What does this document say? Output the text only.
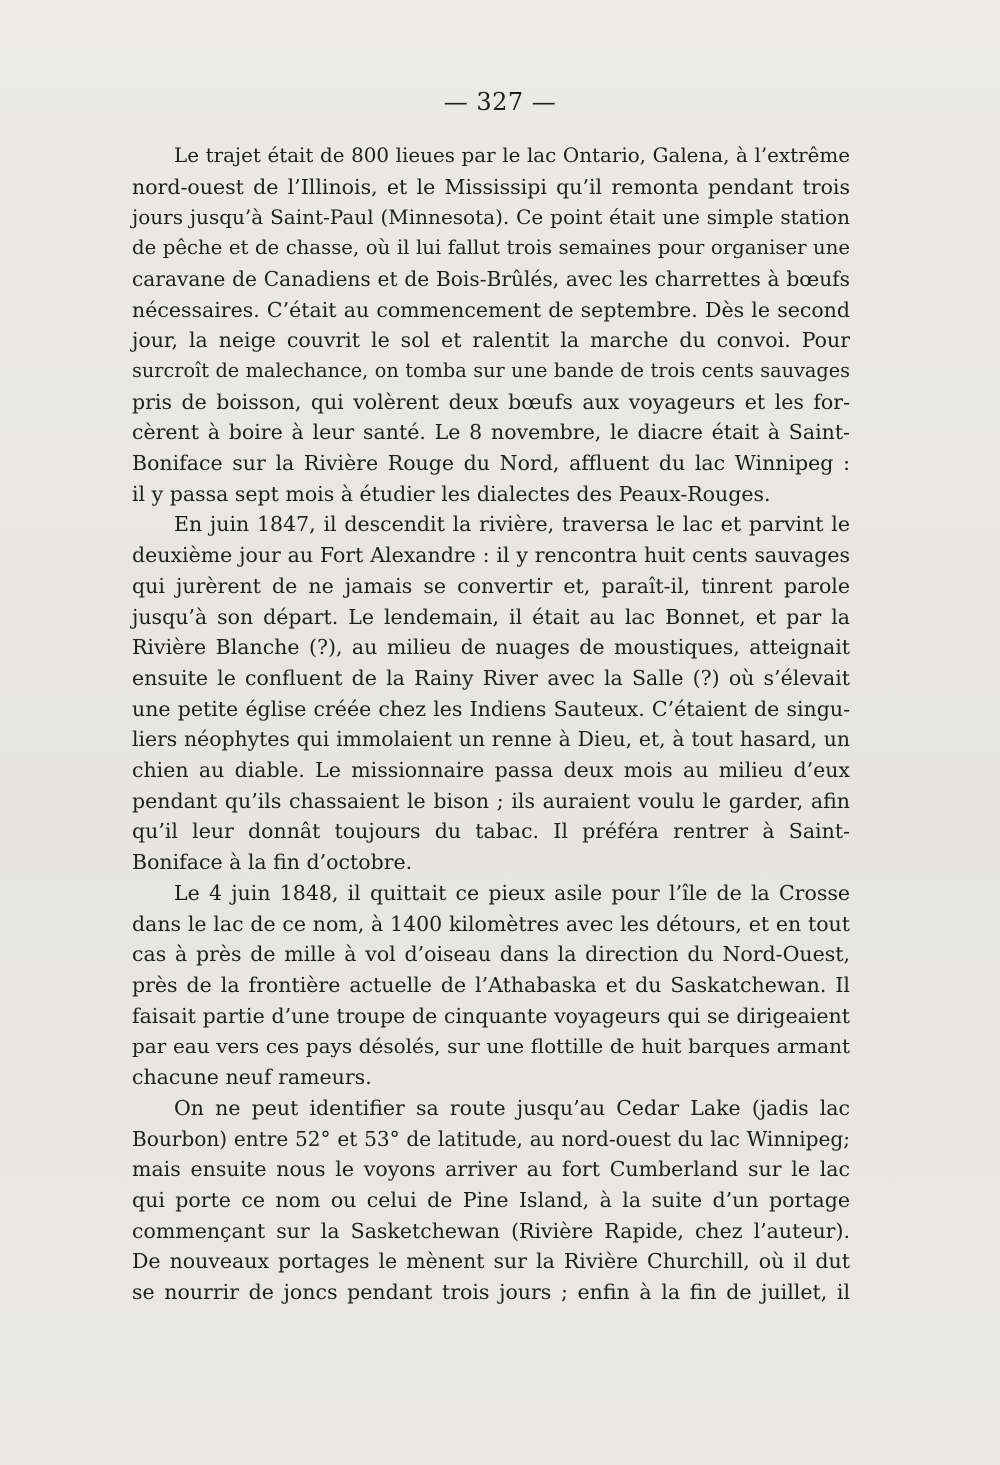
— 327 —

Le trajet était de 800 lieues par le lac Ontario, Galena, à l’extrême
nord-ouest de l’Illinois, et le Mississipi qu’il remonta pendant trois
jours jusqu’à Saint-Paul (Minnesota). Ce point était une simple station
de pêche et de chasse, où il lui fallut trois semaines pour organiser une
caravane de Canadiens et de Bois-Brûlés, avec les charrettes à bœufs
nécessaires. C’était au commencement de septembre. Dès le second
jour, la neige couvrit le sol et ralentit la marche du convoi. Pour
surcroît de malechance, on tomba sur une bande de trois cents sauvages
pris de boisson, qui volèrent deux bœufs aux voyageurs et les for-
cèrent à boire à leur santé. Le 8 novembre, le diacre était à Saint-
Boniface sur la Rivière Rouge du Nord, affluent du lac Winnipeg :
il y passa sept mois à étudier les dialectes des Peaux-Rouges.

En juin 1847, il descendit la rivière, traversa le lac et parvint le
deuxième jour au Fort Alexandre : il y rencontra huit cents sauvages
qui jurèrent de ne jamais se convertir et, paraît-il, tinrent parole
jusqu’à son départ. Le lendemain, il était au lac Bonnet, et par la
Rivière Blanche (?), au milieu de nuages de moustiques, atteignait
ensuite le confluent de la Rainy River avec la Salle (?) où s’élevait
une petite église créée chez les Indiens Sauteux. C’étaient de singu-
liers néophytes qui immolaient un renne à Dieu, et, à tout hasard, un
chien au diable. Le missionnaire passa deux mois au milieu d’eux
pendant qu’ils chassaient le bison ; ils auraient voulu le garder, afin
qu’il leur donnât toujours du tabac. Il préféra rentrer à Saint-
Boniface à la fin d’octobre.

Le 4 juin 1848, il quittait ce pieux asile pour l’île de la Crosse
dans le lac de ce nom, à 1400 kilomètres avec les détours, et en tout
cas à près de mille à vol d’oiseau dans la direction du Nord-Ouest,
près de la frontière actuelle de l’Athabaska et du Saskatchewan. Il
faisait partie d’une troupe de cinquante voyageurs qui se dirigeaient
par eau vers ces pays désolés, sur une flottille de huit barques armant
chacune neuf rameurs.

On ne peut identifier sa route jusqu’au Cedar Lake (jadis lac
Bourbon) entre 52° et 53° de latitude, au nord-ouest du lac Winnipeg;
mais ensuite nous le voyons arriver au fort Cumberland sur le lac
qui porte ce nom ou celui de Pine Island, à la suite d’un portage
commençant sur la Sasketchewan (Rivière Rapide, chez l’auteur).
De nouveaux portages le mènent sur la Rivière Churchill, où il dut
se nourrir de joncs pendant trois jours ; enfin à la fin de juillet, il
